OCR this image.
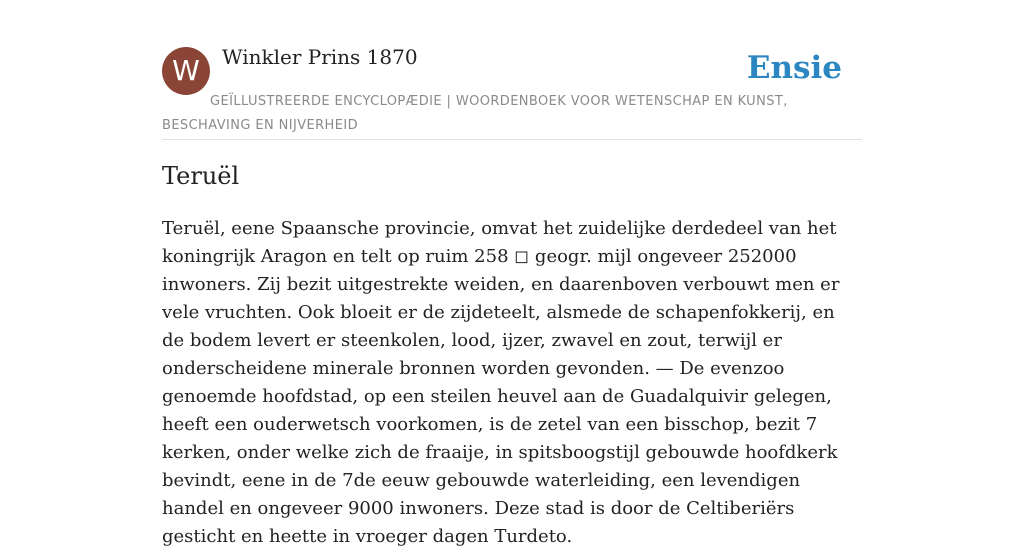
W	Winkler Prins 1870	Ensie
GEÏLLUSTREERDE ENCYCLOPÆDIE | WOORDENBOEK VOOR WETENSCHAP EN KUNST, BESCHAVING EN NIJVERHEID
Teruël

Teruël, eene Spaansche provincie, omvat het zuidelijke derdedeel van het koningrijk Aragon en telt op ruim 258 ◻ geogr. mijl ongeveer 252000 inwoners. Zij bezit uitgestrekte weiden, en daarenboven verbouwt men er vele vruchten. Ook bloeit er de zijdeteelt, alsmede de schapenfokkerij, en de bodem levert er steenkolen, lood, ijzer, zwavel en zout, terwijl er onderscheidene minerale bronnen worden gevonden. — De evenzoo genoemde hoofdstad, op een steilen heuvel aan de Guadalquivir gelegen, heeft een ouderwetsch voorkomen, is de zetel van een bisschop, bezit 7 kerken, onder welke zich de fraaije, in spitsboogstijl gebouwde hoofdkerk bevindt, eene in de 7de eeuw gebouwde waterleiding, een levendigen handel en ongeveer 9000 inwoners. Deze stad is door de Celtiberiërs gesticht en heette in vroeger dagen Turdeto.
